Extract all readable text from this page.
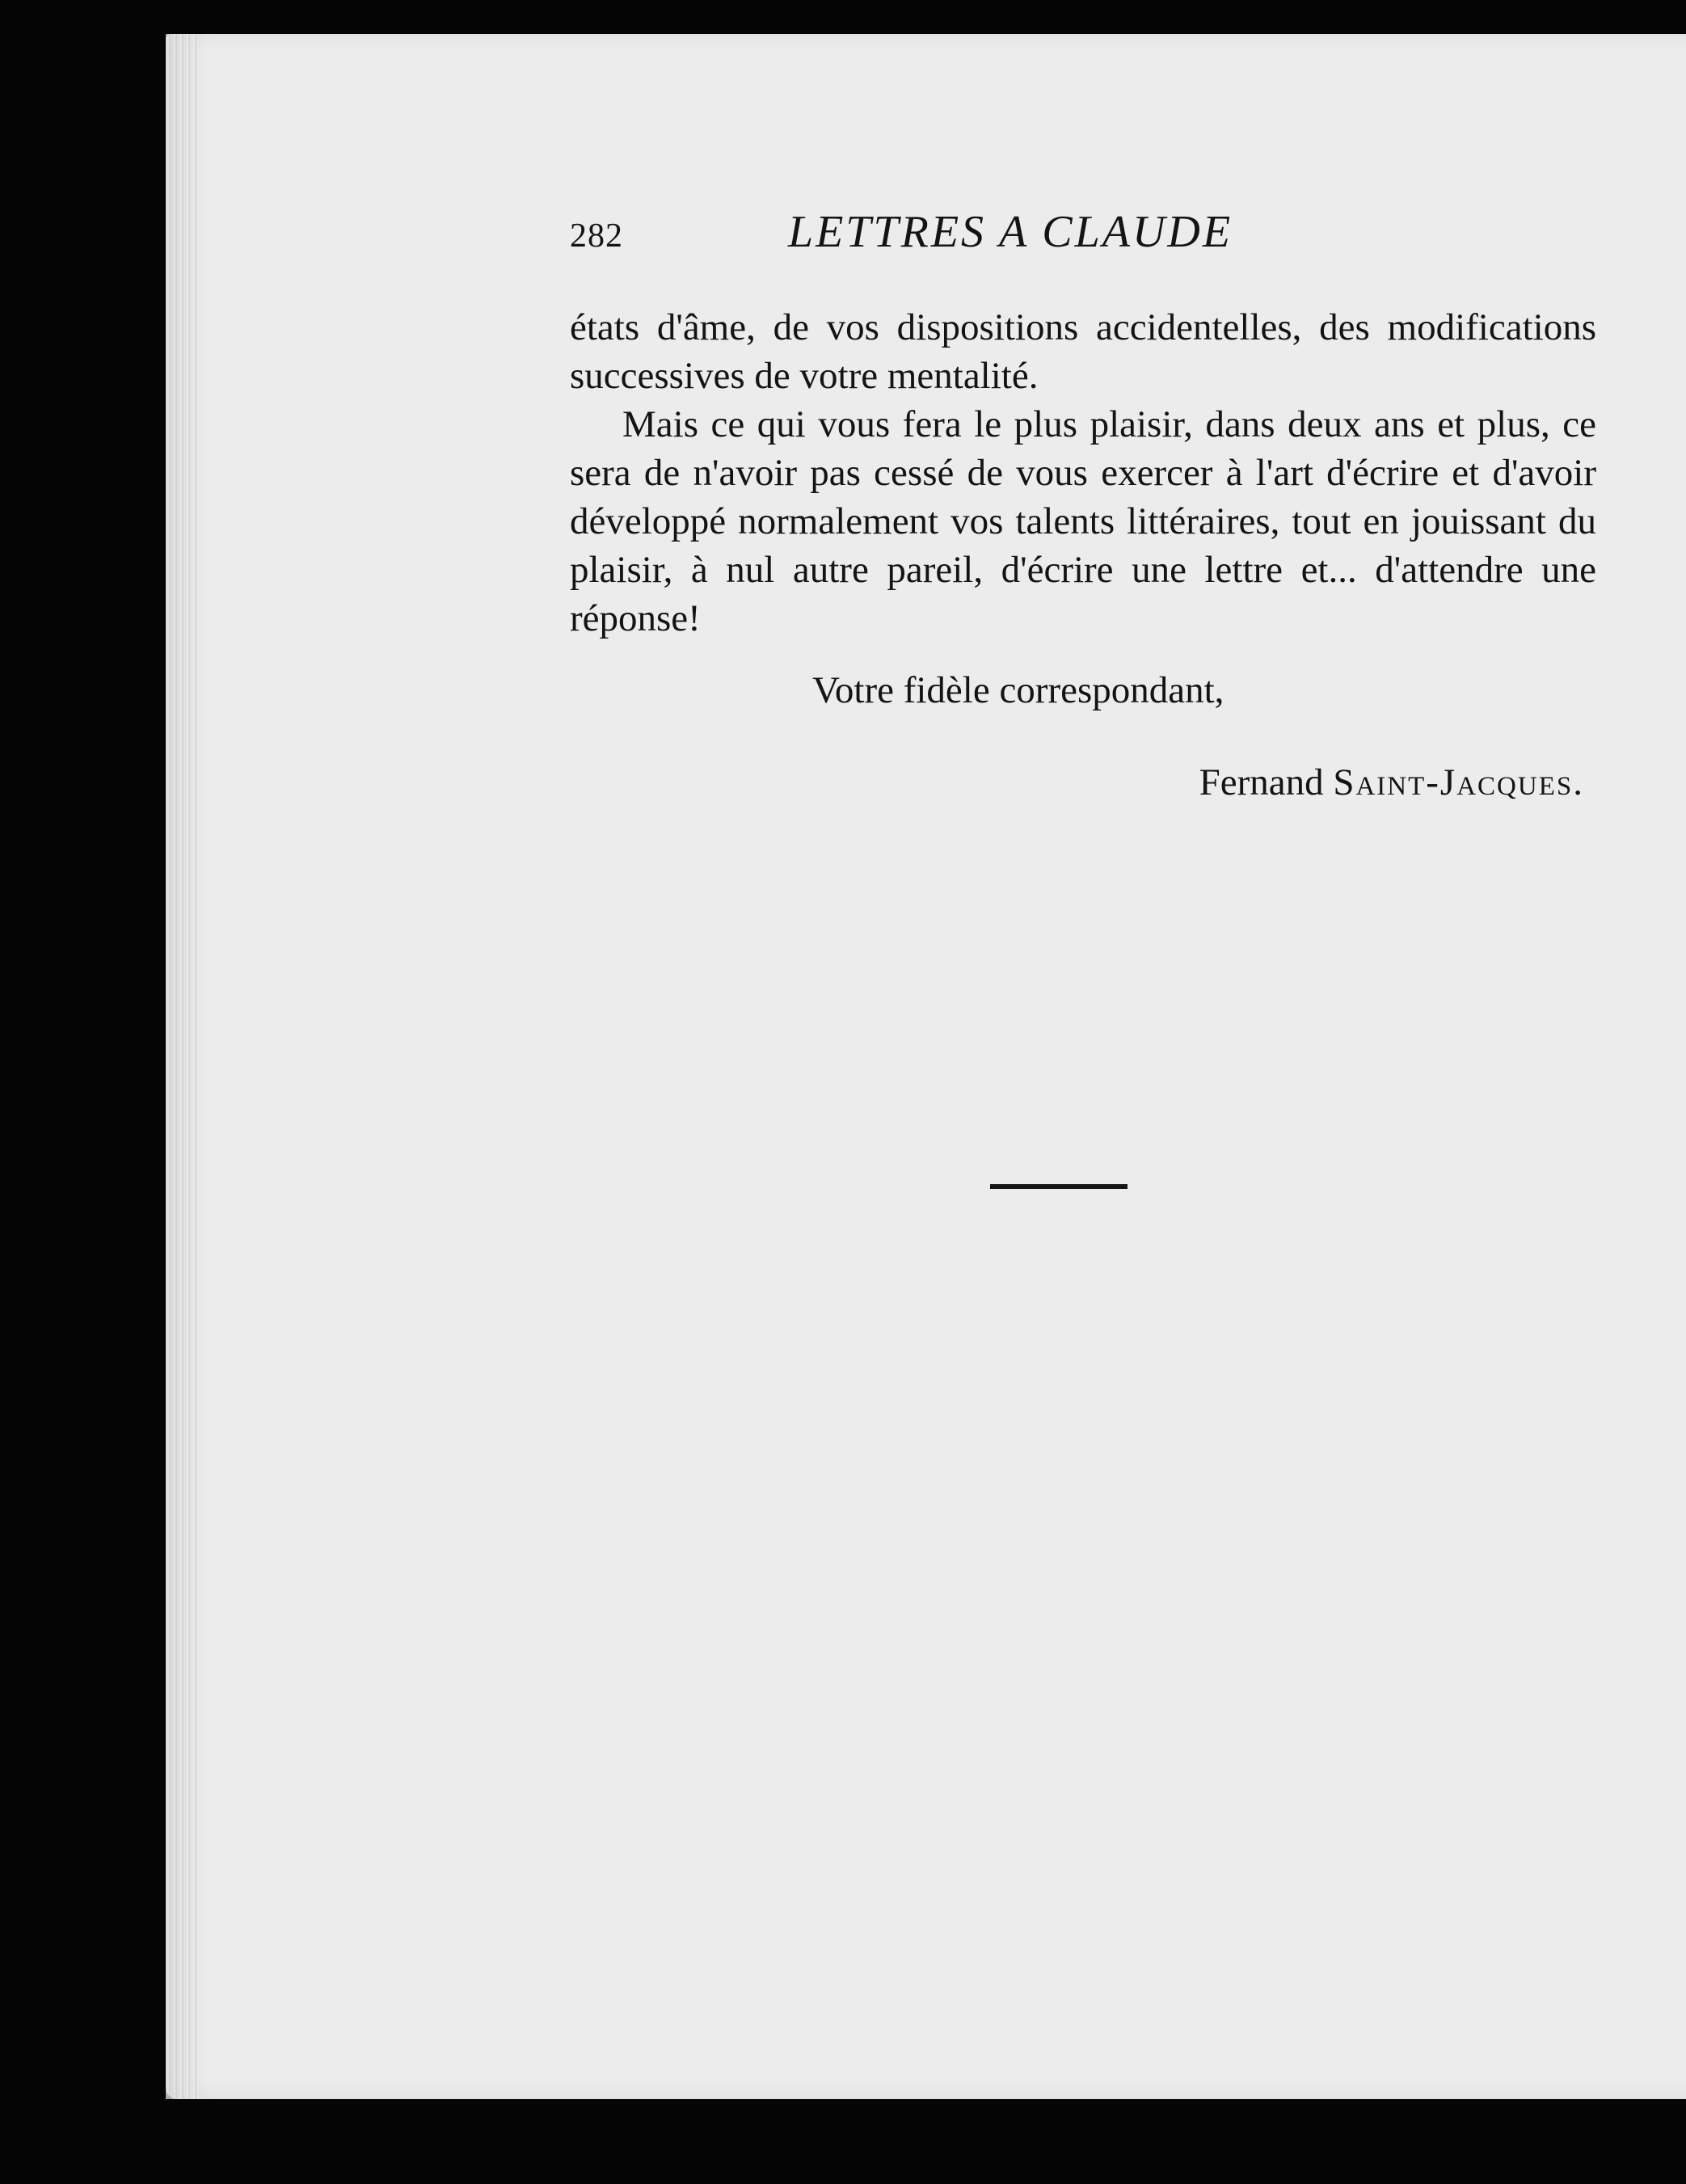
282	LETTRES A CLAUDE

états d'âme, de vos dispositions accidentelles, des modifications successives de votre mentalité.

Mais ce qui vous fera le plus plaisir, dans deux ans et plus, ce sera de n'avoir pas cessé de vous exercer à l'art d'écrire et d'avoir développé normalement vos talents littéraires, tout en jouissant du plaisir, à nul autre pareil, d'écrire une lettre et... d'attendre une réponse!

Votre fidèle correspondant,
Fernand Saint-Jacques.
